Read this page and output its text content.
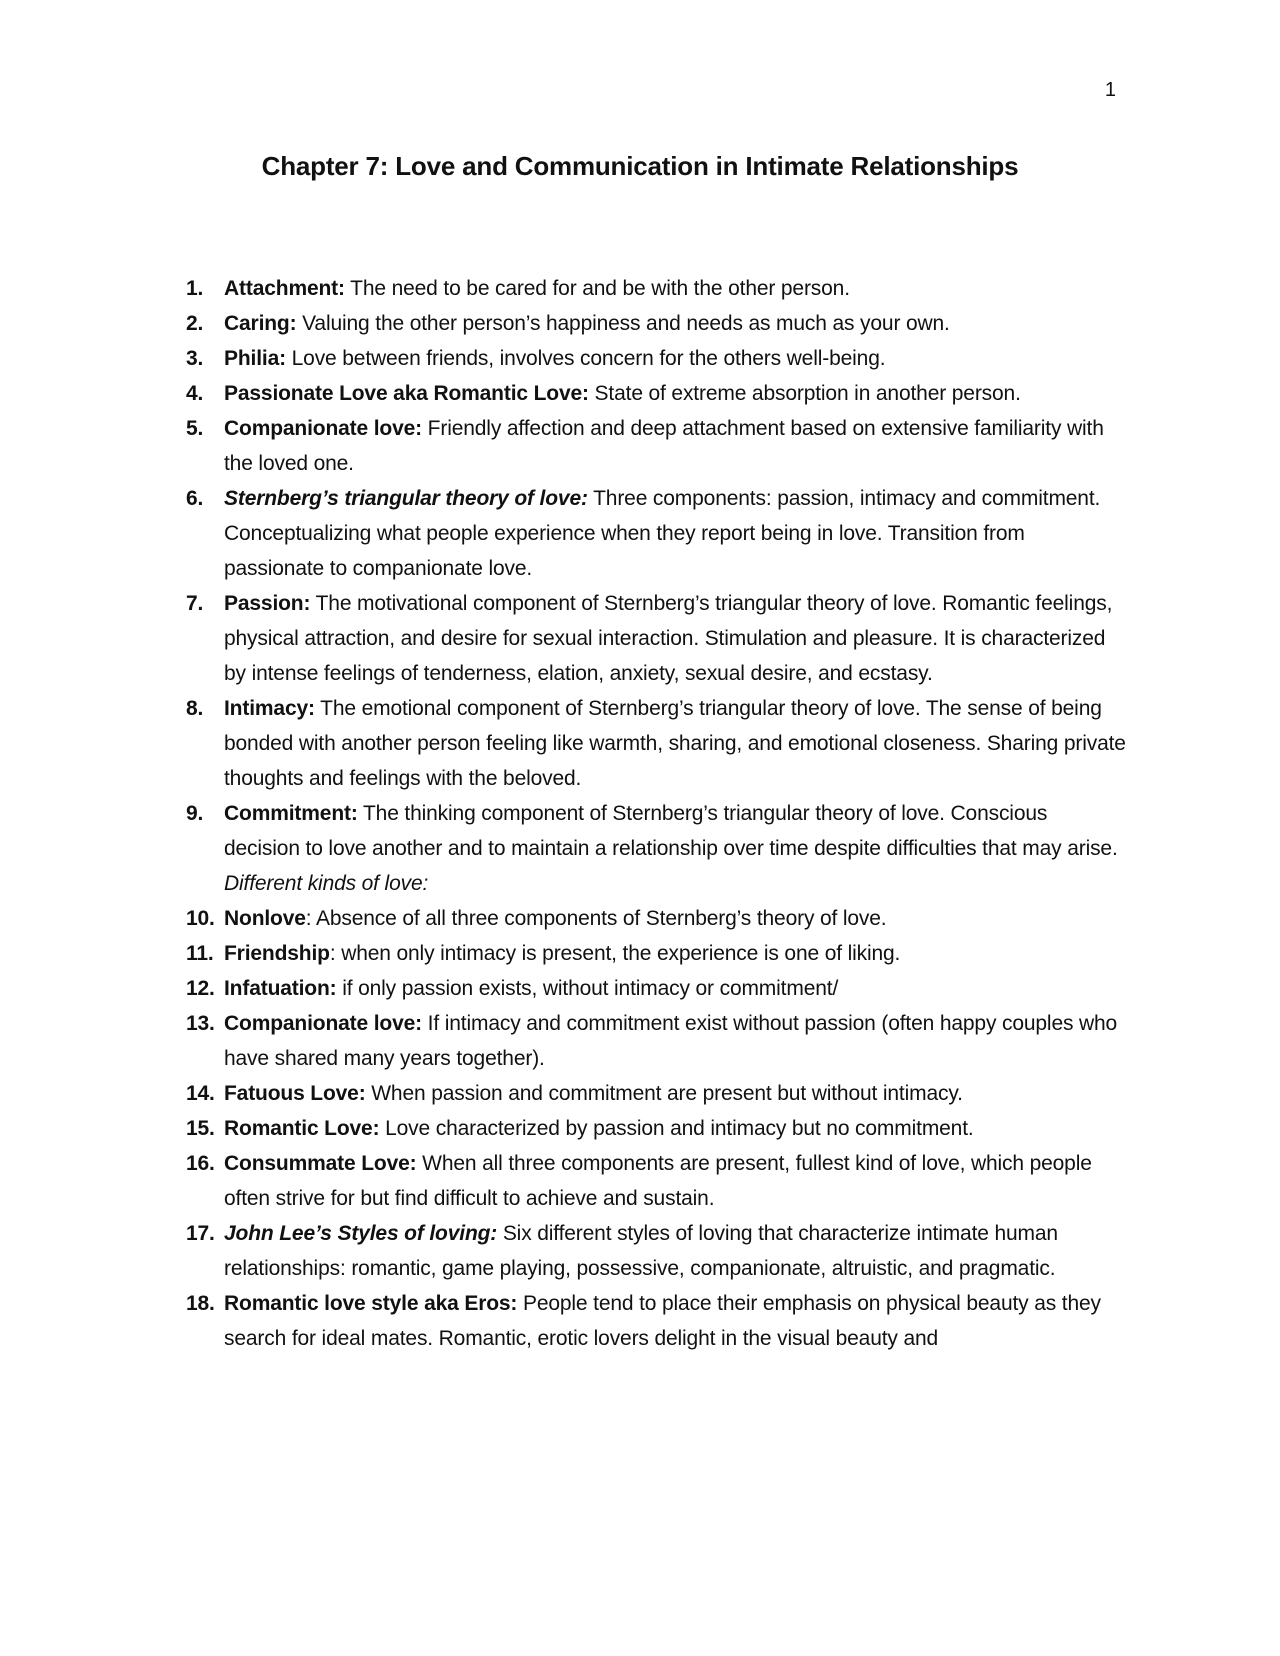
1
Chapter 7: Love and Communication in Intimate Relationships
1. Attachment: The need to be cared for and be with the other person.
2. Caring: Valuing the other person’s happiness and needs as much as your own.
3. Philia: Love between friends, involves concern for the others well-being.
4. Passionate Love aka Romantic Love: State of extreme absorption in another person.
5. Companionate love: Friendly affection and deep attachment based on extensive familiarity with the loved one.
6. Sternberg’s triangular theory of love: Three components: passion, intimacy and commitment. Conceptualizing what people experience when they report being in love. Transition from passionate to companionate love.
7. Passion: The motivational component of Sternberg’s triangular theory of love. Romantic feelings, physical attraction, and desire for sexual interaction. Stimulation and pleasure. It is characterized by intense feelings of tenderness, elation, anxiety, sexual desire, and ecstasy.
8. Intimacy: The emotional component of Sternberg’s triangular theory of love. The sense of being bonded with another person feeling like warmth, sharing, and emotional closeness. Sharing private thoughts and feelings with the beloved.
9. Commitment: The thinking component of Sternberg’s triangular theory of love. Conscious decision to love another and to maintain a relationship over time despite difficulties that may arise.
Different kinds of love:
10. Nonlove: Absence of all three components of Sternberg’s theory of love.
11. Friendship: when only intimacy is present, the experience is one of liking.
12. Infatuation: if only passion exists, without intimacy or commitment/
13. Companionate love: If intimacy and commitment exist without passion (often happy couples who have shared many years together).
14. Fatuous Love: When passion and commitment are present but without intimacy.
15. Romantic Love: Love characterized by passion and intimacy but no commitment.
16. Consummate Love: When all three components are present, fullest kind of love, which people often strive for but find difficult to achieve and sustain.
17. John Lee’s Styles of loving: Six different styles of loving that characterize intimate human relationships: romantic, game playing, possessive, companionate, altruistic, and pragmatic.
18. Romantic love style aka Eros: People tend to place their emphasis on physical beauty as they search for ideal mates. Romantic, erotic lovers delight in the visual beauty and
